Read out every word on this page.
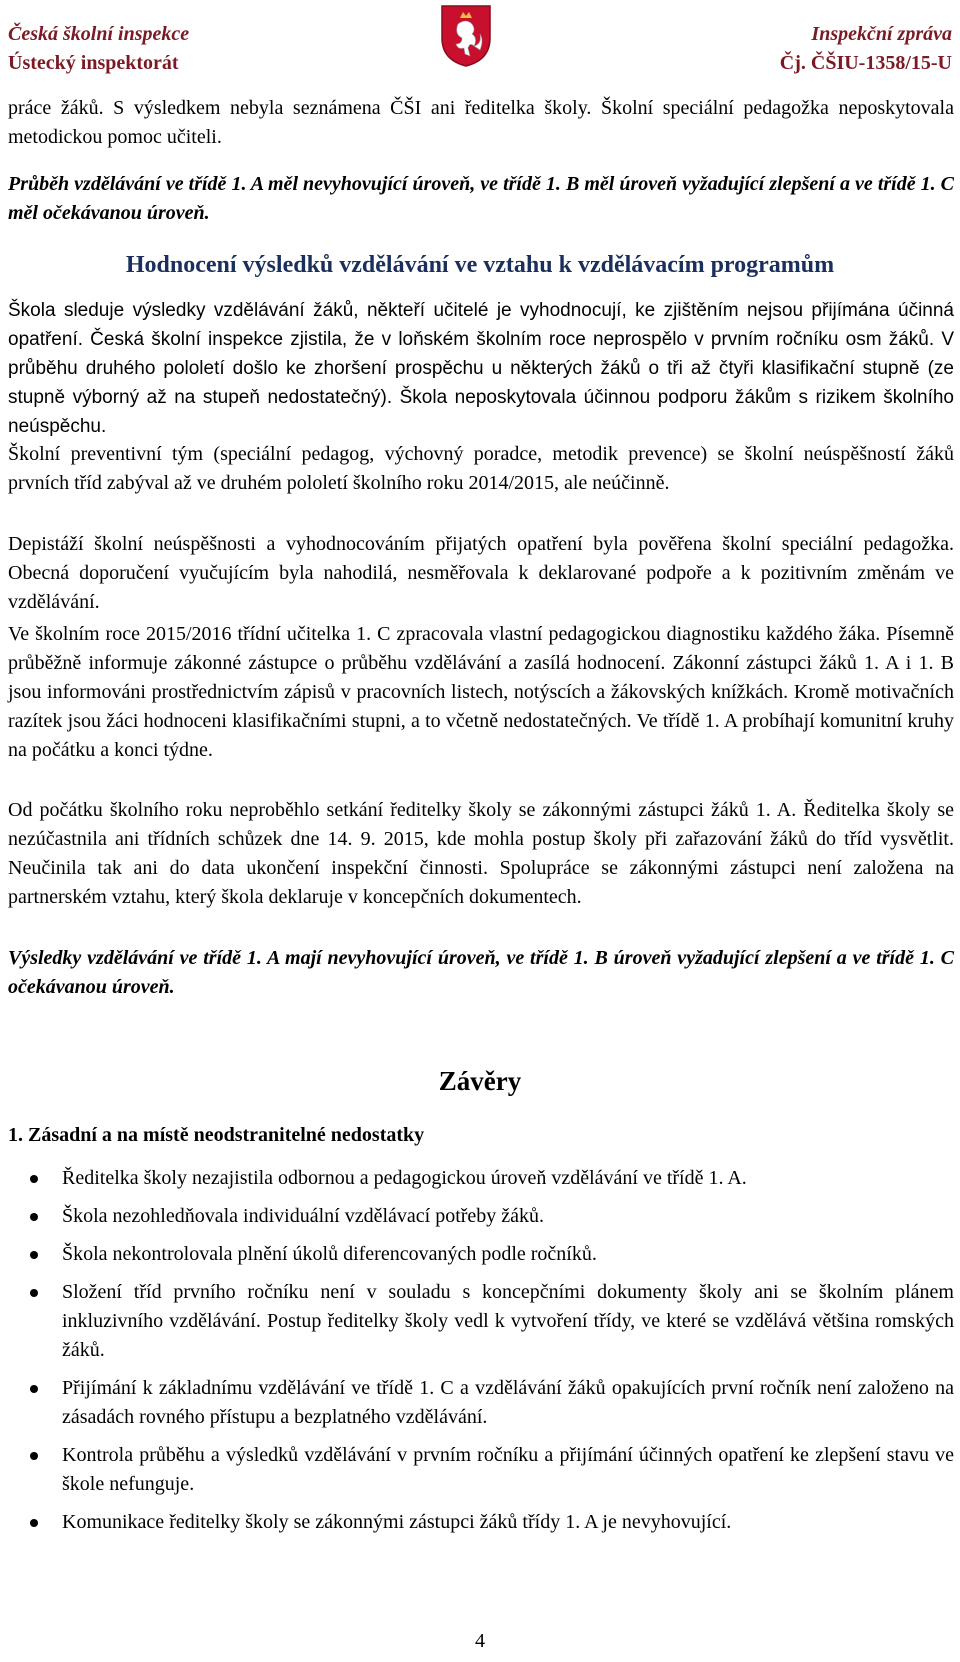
Česká školní inspekce
Ústecký inspektorát
Inspekční zpráva
Čj. ČŠIU-1358/15-U
práce žáků. S výsledkem nebyla seznámena ČŠI ani ředitelka školy. Školní speciální pedagožka neposkytovala metodickou pomoc učiteli.
Průběh vzdělávání ve třídě 1. A měl nevyhovující úroveň, ve třídě 1. B měl úroveň vyžadující zlepšení a ve třídě 1. C měl očekávanou úroveň.
Hodnocení výsledků vzdělávání ve vztahu k vzdělávacím programům
Škola sleduje výsledky vzdělávání žáků, někteří učitelé je vyhodnocují, ke zjištěním nejsou přijímána účinná opatření. Česká školní inspekce zjistila, že v loňském školním roce neprospělo v prvním ročníku osm žáků. V průběhu druhého pololetí došlo ke zhoršení prospěchu u některých žáků o tři až čtyři klasifikační stupně (ze stupně výborný až na stupeň nedostatečný). Škola neposkytovala účinnou podporu žákům s rizikem školního neúspěchu.
Školní preventivní tým (speciální pedagog, výchovný poradce, metodik prevence) se školní neúspěšností žáků prvních tříd zabýval až ve druhém pololetí školního roku 2014/2015, ale neúčinně.
Depistáží školní neúspěšnosti a vyhodnocováním přijatých opatření byla pověřena školní speciální pedagožka. Obecná doporučení vyučujícím byla nahodilá, nesměřovala k deklarované podpoře a k pozitivním změnám ve vzdělávání.
Ve školním roce 2015/2016 třídní učitelka 1. C zpracovala vlastní pedagogickou diagnostiku každého žáka. Písemně průběžně informuje zákonné zástupce o průběhu vzdělávání a zasílá hodnocení. Zákonní zástupci žáků 1. A i 1. B jsou informováni prostřednictvím zápisů v pracovních listech, notýscích a žákovských knížkách. Kromě motivačních razítek jsou žáci hodnoceni klasifikačními stupni, a to včetně nedostatečných. Ve třídě 1. A probíhají komunitní kruhy na počátku a konci týdne.
Od počátku školního roku neproběhlo setkání ředitelky školy se zákonnými zástupci žáků 1. A. Ředitelka školy se nezúčastnila ani třídních schůzek dne 14. 9. 2015, kde mohla postup školy při zařazování žáků do tříd vysvětlit. Neučinila tak ani do data ukončení inspekční činnosti. Spolupráce se zákonnými zástupci není založena na partnerském vztahu, který škola deklaruje v koncepčních dokumentech.
Výsledky vzdělávání ve třídě 1. A mají nevyhovující úroveň, ve třídě 1. B úroveň vyžadující zlepšení a ve třídě 1. C očekávanou úroveň.
Závěry
1. Zásadní a na místě neodstranitelné nedostatky
Ředitelka školy nezajistila odbornou a pedagogickou úroveň vzdělávání ve třídě 1. A.
Škola nezohledňovala individuální vzdělávací potřeby žáků.
Škola nekontrolovala plnění úkolů diferencovaných podle ročníků.
Složení tříd prvního ročníku není v souladu s koncepčními dokumenty školy ani se školním plánem inkluzivního vzdělávání. Postup ředitelky školy vedl k vytvoření třídy, ve které se vzdělává většina romských žáků.
Přijímání k základnímu vzdělávání ve třídě 1. C a vzdělávání žáků opakujících první ročník není založeno na zásadách rovného přístupu a bezplatného vzdělávání.
Kontrola průběhu a výsledků vzdělávání v prvním ročníku a přijímání účinných opatření ke zlepšení stavu ve škole nefunguje.
Komunikace ředitelky školy se zákonnými zástupci žáků třídy 1. A je nevyhovující.
4
